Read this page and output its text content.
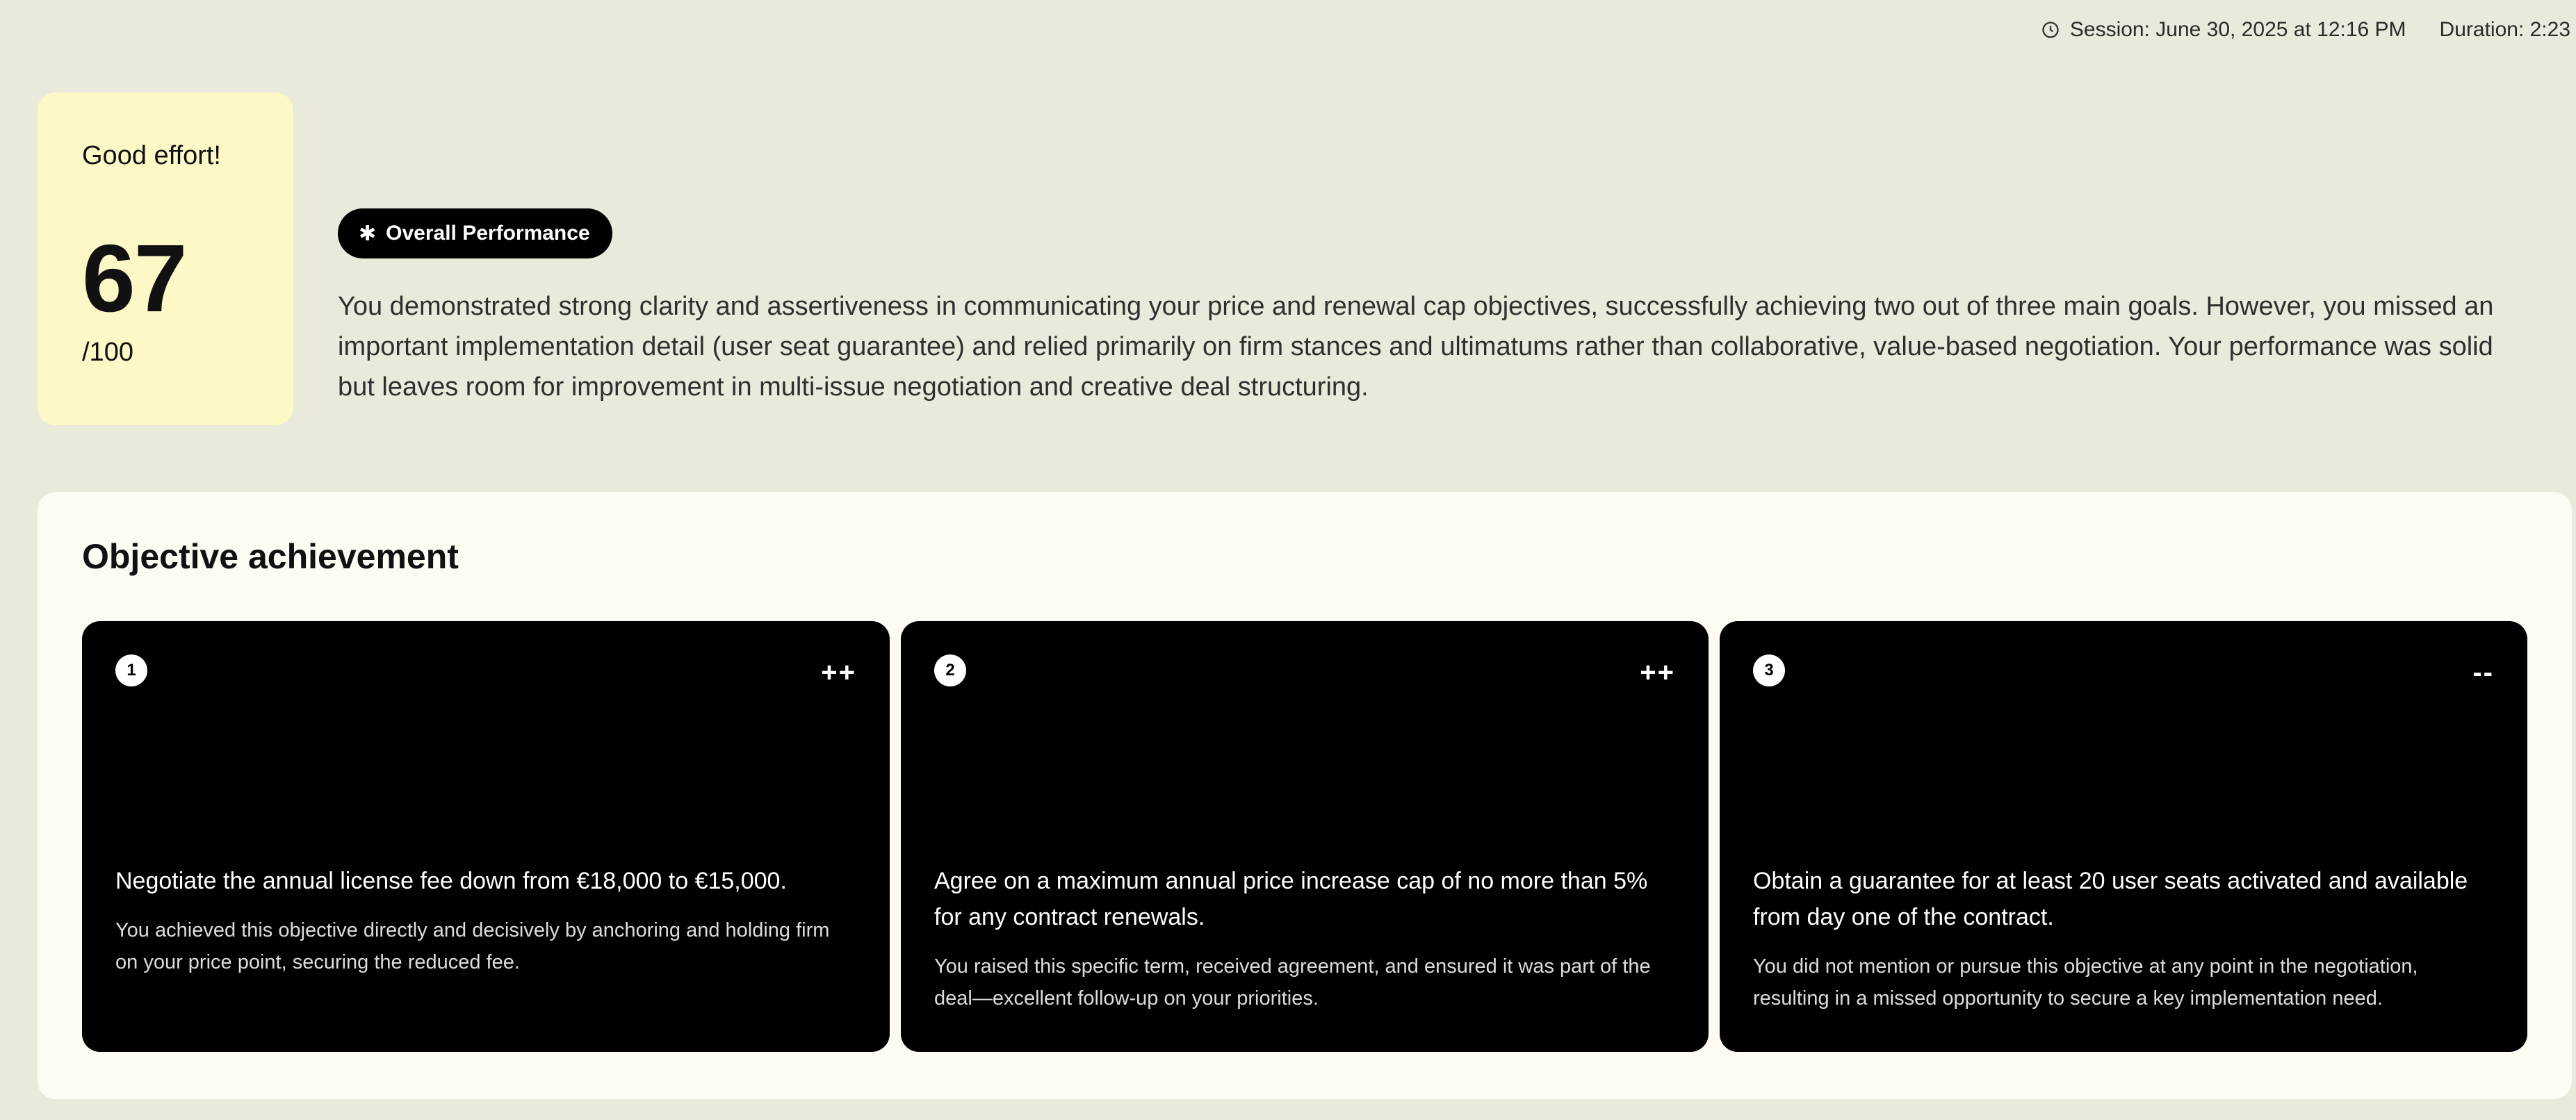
Session: June 30, 2025 at 12:16 PM Duration: 2:23
Good effort!
67
/100
✱ Overall Performance
You demonstrated strong clarity and assertiveness in communicating your price and renewal cap objectives, successfully achieving two out of three main goals. However, you missed an important implementation detail (user seat guarantee) and relied primarily on firm stances and ultimatums rather than collaborative, value-based negotiation. Your performance was solid but leaves room for improvement in multi-issue negotiation and creative deal structuring.
Objective achievement
1	++
Negotiate the annual license fee down from €18,000 to €15,000.
You achieved this objective directly and decisively by anchoring and holding firm on your price point, securing the reduced fee.
2	++
Agree on a maximum annual price increase cap of no more than 5% for any contract renewals.
You raised this specific term, received agreement, and ensured it was part of the deal—excellent follow-up on your priorities.
3	--
Obtain a guarantee for at least 20 user seats activated and available from day one of the contract.
You did not mention or pursue this objective at any point in the negotiation, resulting in a missed opportunity to secure a key implementation need.
